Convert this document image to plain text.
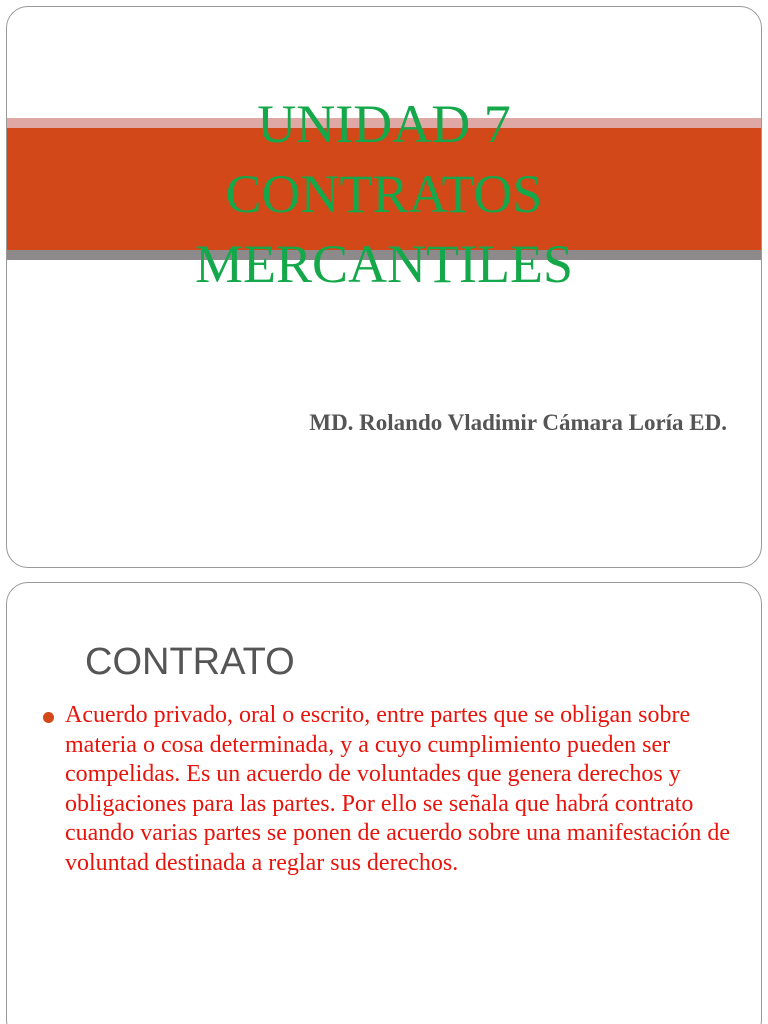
UNIDAD 7
CONTRATOS
MERCANTILES
MD. Rolando Vladimir Cámara Loría ED.
CONTRATO
Acuerdo privado, oral o escrito, entre partes que se obligan sobre materia o cosa determinada, y a cuyo cumplimiento pueden ser compelidas. Es un acuerdo de voluntades que genera derechos y obligaciones para las partes. Por ello se señala que habrá contrato cuando varias partes se ponen de acuerdo sobre una manifestación de voluntad destinada a reglar sus derechos.
